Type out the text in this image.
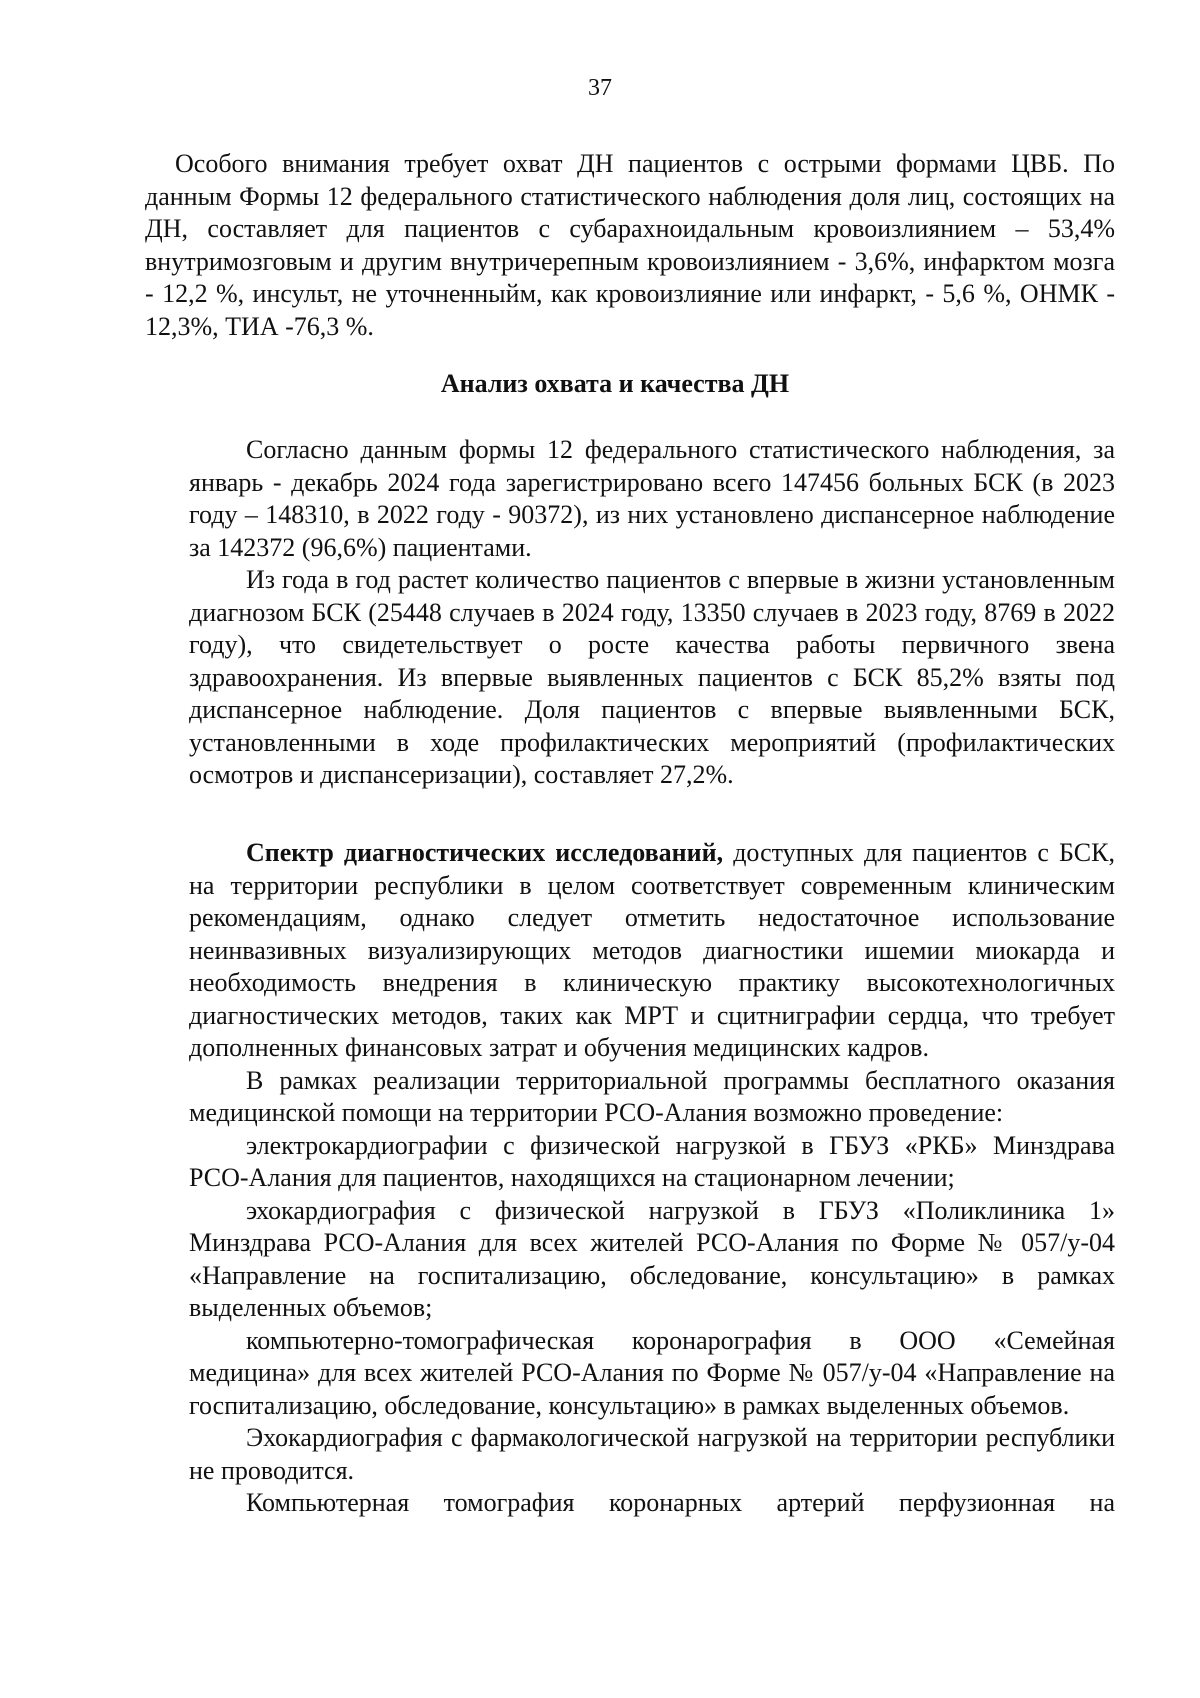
37

Особого внимания требует охват ДН пациентов с острыми формами ЦВБ. По данным Формы 12 федерального статистического наблюдения доля лиц, состоящих на ДН, составляет для пациентов с субарахноидальным кровоизлиянием – 53,4% внутримозговым и другим внутричерепным кровоизлиянием - 3,6%, инфарктом мозга - 12,2 %, инсульт, не уточненныйм, как кровоизлияние или инфаркт, - 5,6 %, ОНМК - 12,3%, ТИА -76,3 %.

Анализ охвата и качества ДН

Согласно данным формы 12 федерального статистического наблюдения, за январь - декабрь 2024 года зарегистрировано всего 147456 больных БСК (в 2023 году – 148310, в 2022 году - 90372), из них установлено диспансерное наблюдение за 142372 (96,6%) пациентами.

Из года в год растет количество пациентов с впервые в жизни установленным диагнозом БСК (25448 случаев в 2024 году, 13350 случаев в 2023 году, 8769 в 2022 году), что свидетельствует о росте качества работы первичного звена здравоохранения. Из впервые выявленных пациентов с БСК 85,2% взяты под диспансерное наблюдение. Доля пациентов с впервые выявленными БСК, установленными в ходе профилактических мероприятий (профилактических осмотров и диспансеризации), составляет 27,2%.

Спектр диагностических исследований, доступных для пациентов с БСК, на территории республики в целом соответствует современным клиническим рекомендациям, однако следует отметить недостаточное использование неинвазивных визуализирующих методов диагностики ишемии миокарда и необходимость внедрения в клиническую практику высокотехнологичных диагностических методов, таких как МРТ и сцитниграфии сердца, что требует дополненных финансовых затрат и обучения медицинских кадров.

В рамках реализации территориальной программы бесплатного оказания медицинской помощи на территории РСО-Алания возможно проведение:

электрокардиографии с физической нагрузкой в ГБУЗ «РКБ» Минздрава РСО-Алания для пациентов, находящихся на стационарном лечении;

эхокардиография с физической нагрузкой в ГБУЗ «Поликлиника 1» Минздрава РСО-Алания для всех жителей РСО-Алания по Форме № 057/у-04 «Направление на госпитализацию, обследование, консультацию» в рамках выделенных объемов;

компьютерно-томографическая коронарография в ООО «Семейная медицина» для всех жителей РСО-Алания по Форме № 057/у-04 «Направление на госпитализацию, обследование, консультацию» в рамках выделенных объемов.

Эхокардиография с фармакологической нагрузкой на территории республики не проводится.

Компьютерная томография коронарных артерий перфузионная на
